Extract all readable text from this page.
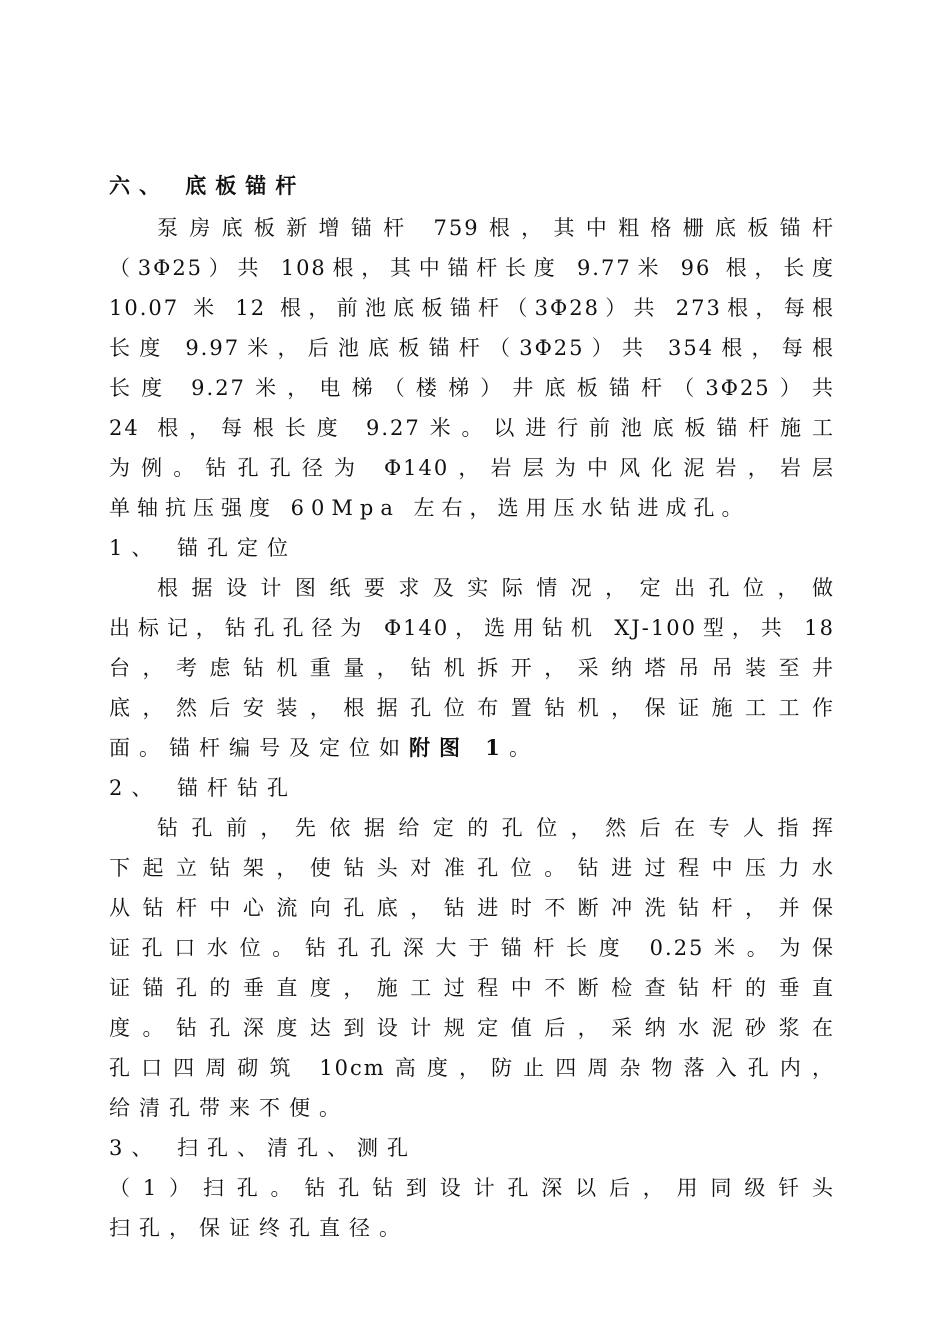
六、 底板锚杆
泵房底板新增锚杆 759根，其中粗格栅底板锚杆
（3Φ25）共 108根，其中锚杆长度 9.77米 96 根，长度
10.07 米 12 根，前池底板锚杆（3Φ28）共 273根，每根
长度 9.97米，后池底板锚杆（3Φ25）共 354根，每根
长度 9.27米，电梯（楼梯）井底板锚杆（3Φ25）共
24 根，每根长度 9.27米。以进行前池底板锚杆施工
为例。钻孔孔径为 Φ140，岩层为中风化泥岩，岩层
单轴抗压强度 60Mpa 左右，选用压水钻进成孔。
1、 锚孔定位
根据设计图纸要求及实际情况，定出孔位，做
出标记，钻孔孔径为 Φ140，选用钻机 XJ-100型，共 18
台，考虑钻机重量，钻机拆开，采纳塔吊吊装至井
底，然后安装，根据孔位布置钻机，保证施工工作
面。锚杆编号及定位如附图 1。
2、 锚杆钻孔
钻孔前，先依据给定的孔位，然后在专人指挥
下起立钻架，使钻头对准孔位。钻进过程中压力水
从钻杆中心流向孔底，钻进时不断冲洗钻杆，并保
证孔口水位。钻孔孔深大于锚杆长度 0.25米。为保
证锚孔的垂直度，施工过程中不断检查钻杆的垂直
度。钻孔深度达到设计规定值后，采纳水泥砂浆在
孔口四周砌筑 10cm高度，防止四周杂物落入孔内，
给清孔带来不便。
3、 扫孔、清孔、测孔
（1）扫孔。钻孔钻到设计孔深以后，用同级钎头
扫孔，保证终孔直径。
